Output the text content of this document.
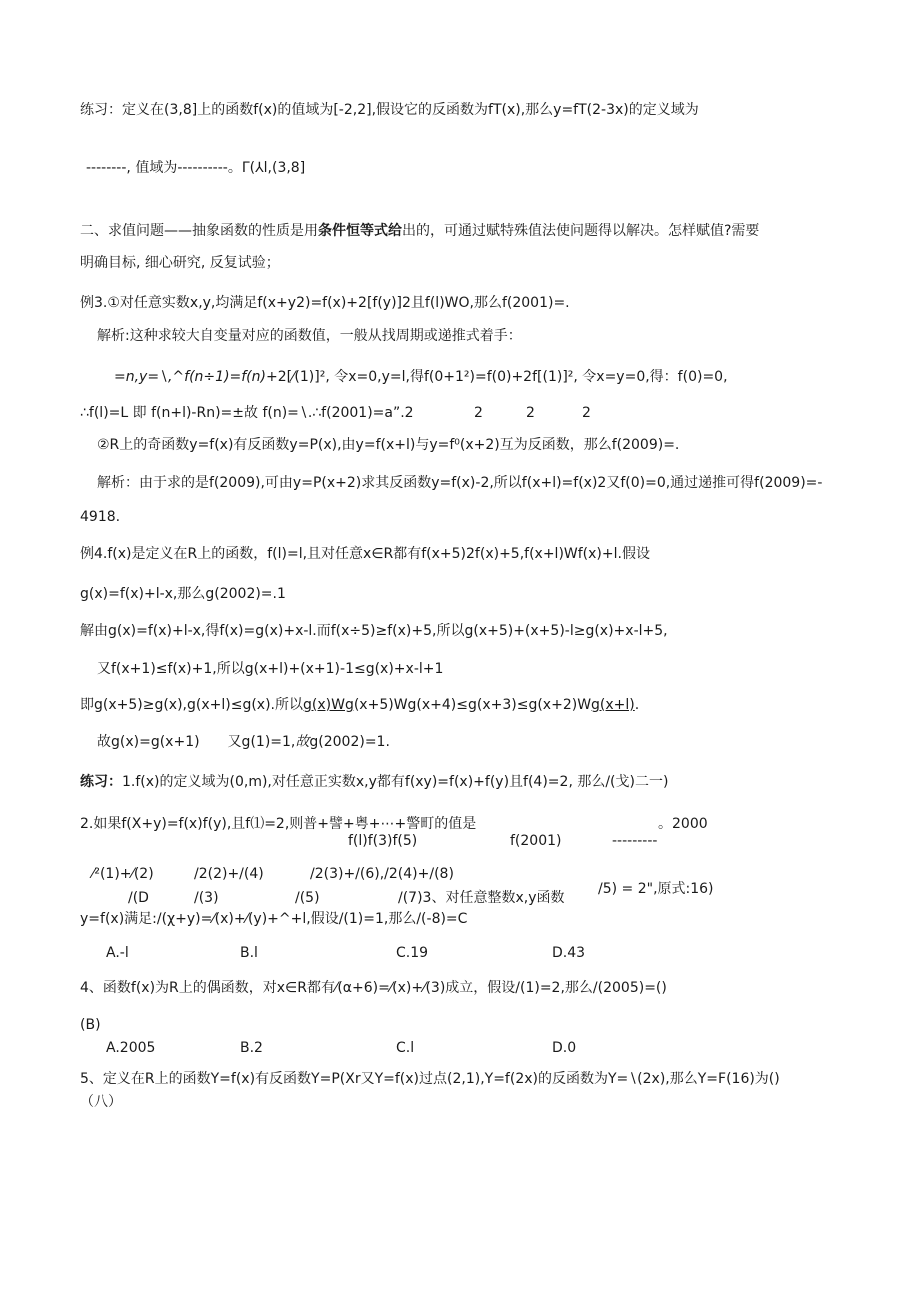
练习：定义在(3,8]上的函数f(x)的值域为[-2,2],假设它的反函数为fT(x),那么y=fT(2-3x)的定义域为
--------, 值域为----------。Γ(⅄l,(3,8]
二、求值问题——抽象函数的性质是用条件恒等式给出的，可通过赋特殊值法使问题得以解决。怎样赋值?需要
明确目标, 细心研究, 反复试验；
例3.①对任意实数x,y,均满足f(x+y2)=f(x)+2[f(y)]2且f(l)WO,那么f(2001)=.
解析:这种求较大自变量对应的函数值，一般从找周期或递推式着手：
=n,y=∖,^f(n÷1)=f(n)+2[⁄(1)]², 令x=0,y=l,得f(0+1²)=f(0)+2f[(1)]², 令x=y=0,得：f(0)=0,
∴f(l)=L 即 f(n+l)-Rn)=±故 f(n)=∖.∴f(2001)=a”.2	2	2	2
②R上的奇函数y=f(x)有反函数y=P(x),由y=f(x+l)与y=f⁰(x+2)互为反函数，那么f(2009)=.
解析：由于求的是f(2009),可由y=P(x+2)求其反函数y=f(x)-2,所以f(x+l)=f(x)2又f(0)=0,通过递推可得f(2009)=-
4918.
例4.f(x)是定义在R上的函数，f(l)=l,且对任意x∈R都有f(x+5)2f(x)+5,f(x+l)Wf(x)+l.假设
g(x)=f(x)+l-x,那么g(2002)=.1
解由g(x)=f(x)+l-x,得f(x)=g(x)+x-l.而f(x÷5)≥f(x)+5,所以g(x+5)+(x+5)-l≥g(x)+x-l+5,
又f(x+1)≤f(x)+1,所以g(x+l)+(x+1)-1≤g(x)+x-l+1
即g(x+5)≥g(x),g(x+l)≤g(x).所以g(x)Wg(x+5)Wg(x+4)≤g(x+3)≤g(x+2)Wg(x+l).
故g(x)=g(x+1) 又g(1)=1,故g(2002)=1.
练习：1.f(x)的定义域为(0,m),对任意正实数x,y都有f(xy)=f(x)+f(y)且f(4)=2, 那么/(戈)二一)
2.如果f(X+y)=f(x)f(y),且f⑴=2,则普+譬+粤+⋯+警町的值是	。2000
f(l)f(3)f(5)	f(2001)	---------
⁄²(1)+⁄(2)	/2(2)+/(4)	/2(3)+/(6),/2(4)+/(8)
/5) = 2",原式:16)
/(D	/(3)	/(5)	/(7)3、对任意整数x,y函数
y=f(x)满足:/(χ+y)=⁄(x)+⁄(y)+^+l,假设/(1)=1,那么/(-8)=C
A.-l	B.l	C.19	D.43
4、函数f(x)为R上的偶函数，对x∈R都有⁄(α+6)=⁄(x)+⁄(3)成立，假设/(1)=2,那么/(2005)=()
(B)
A.2005	B.2	C.l	D.0
5、定义在R上的函数Y=f(x)有反函数Y=P(Xr又Y=f(x)过点(2,1),Y=f(2x)的反函数为Y=∖(2x),那么Y=F(16)为()
（八）
